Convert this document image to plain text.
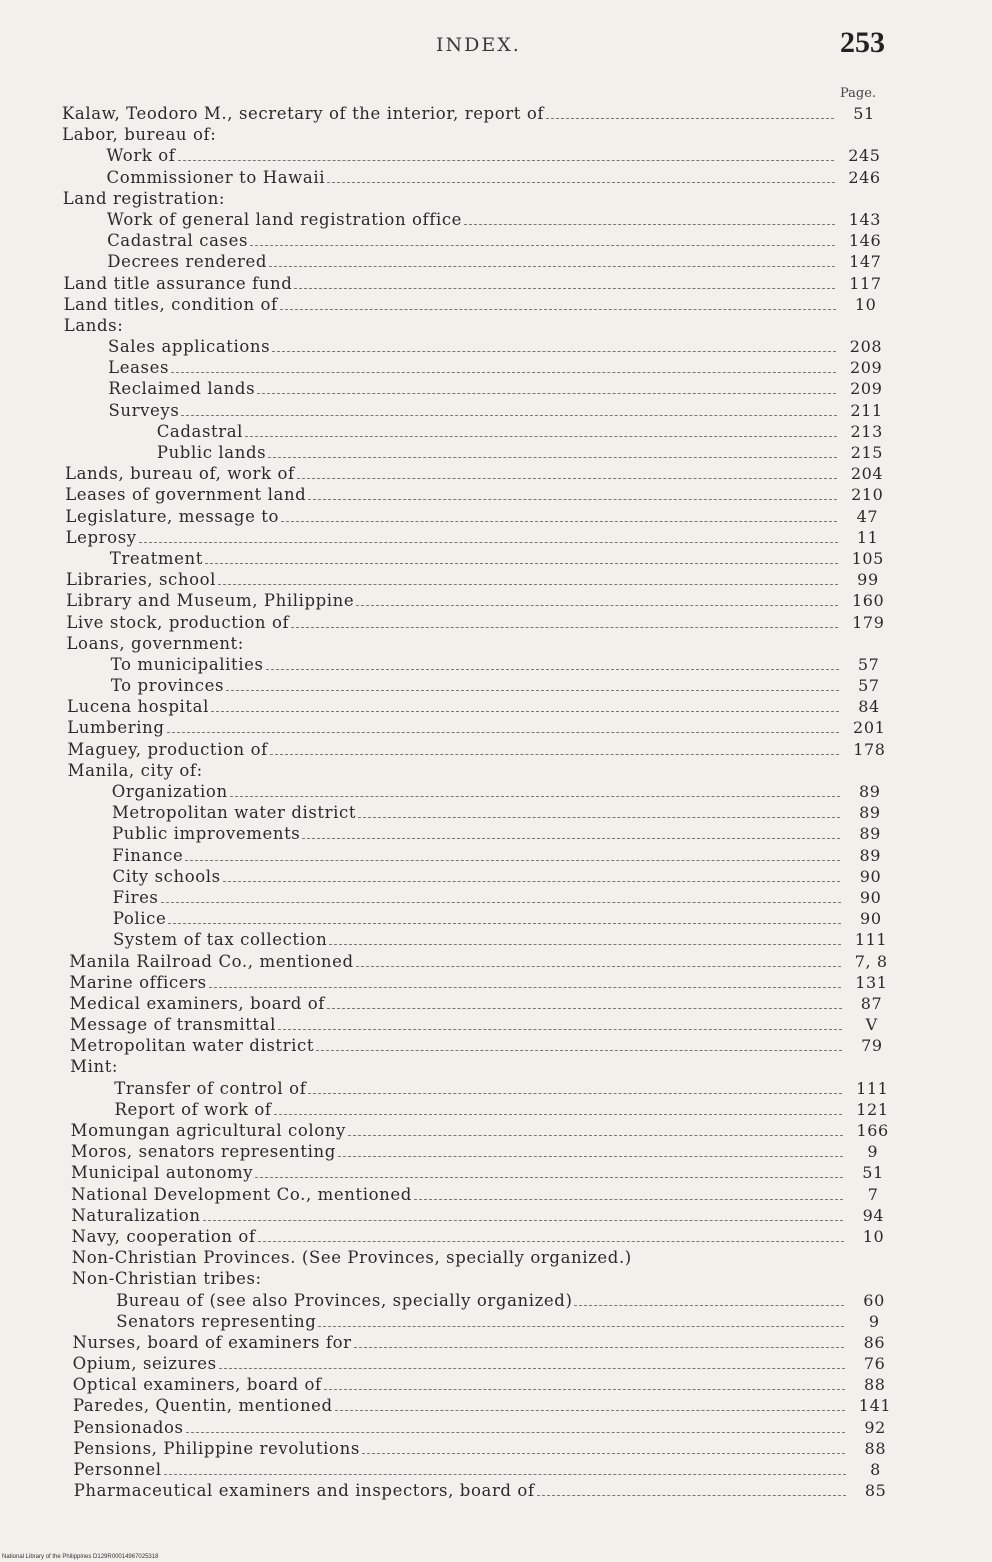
INDEX.	253
Page.
Kalaw, Teodoro M., secretary of the interior, report of	51
Labor, bureau of:
Work of	245
Commissioner to Hawaii	246
Land registration:
Work of general land registration office	143
Cadastral cases	146
Decrees rendered	147
Land title assurance fund	117
Land titles, condition of	10
Lands:
Sales applications	208
Leases	209
Reclaimed lands	209
Surveys	211
Cadastral	213
Public lands	215
Lands, bureau of, work of	204
Leases of government land	210
Legislature, message to	47
Leprosy	11
Treatment	105
Libraries, school	99
Library and Museum, Philippine	160
Live stock, production of	179
Loans, government:
To municipalities	57
To provinces	57
Lucena hospital	84
Lumbering	201
Maguey, production of	178
Manila, city of:
Organization	89
Metropolitan water district	89
Public improvements	89
Finance	89
City schools	90
Fires	90
Police	90
System of tax collection	111
Manila Railroad Co., mentioned	7, 8
Marine officers	131
Medical examiners, board of	87
Message of transmittal	V
Metropolitan water district	79
Mint:
Transfer of control of	111
Report of work of	121
Momungan agricultural colony	166
Moros, senators representing	9
Municipal autonomy	51
National Development Co., mentioned	7
Naturalization	94
Navy, cooperation of	10
Non-Christian Provinces. (See Provinces, specially organized.)
Non-Christian tribes:
Bureau of (see also Provinces, specially organized)	60
Senators representing	9
Nurses, board of examiners for	86
Opium, seizures	76
Optical examiners, board of	88
Paredes, Quentin, mentioned	141
Pensionados	92
Pensions, Philippine revolutions	88
Personnel	8
Pharmaceutical examiners and inspectors, board of	85
National Library of the Philippines D129R00014967025318
